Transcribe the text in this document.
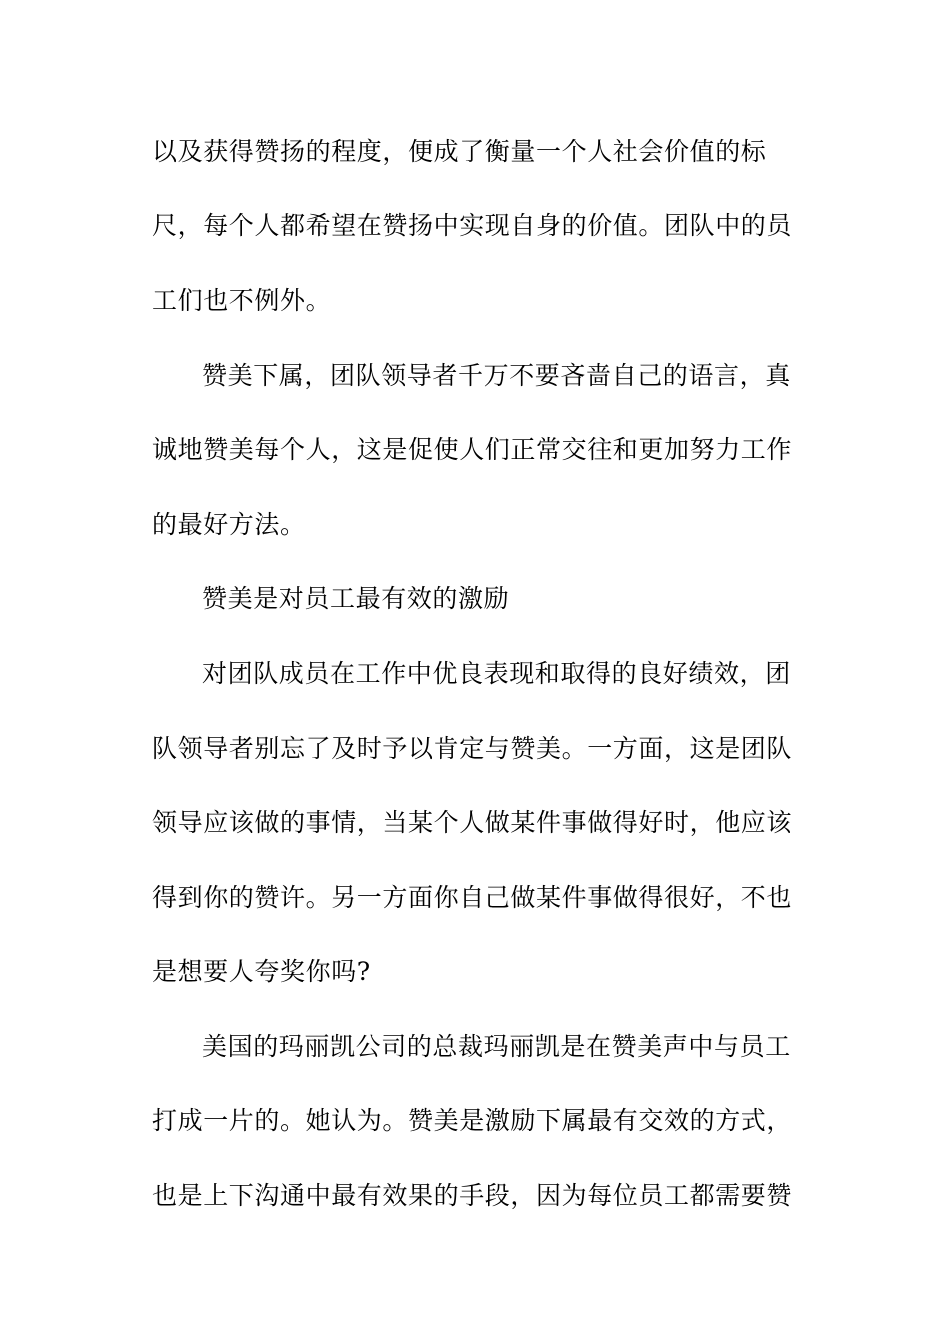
以及获得赞扬的程度，便成了衡量一个人社会价值的标
尺，每个人都希望在赞扬中实现自身的价值。团队中的员
工们也不例外。
赞美下属，团队领导者千万不要吝啬自己的语言，真
诚地赞美每个人，这是促使人们正常交往和更加努力工作
的最好方法。
赞美是对员工最有效的激励
对团队成员在工作中优良表现和取得的良好绩效，团
队领导者别忘了及时予以肯定与赞美。一方面，这是团队
领导应该做的事情，当某个人做某件事做得好时，他应该
得到你的赞许。另一方面你自己做某件事做得很好，不也
是想要人夸奖你吗?
美国的玛丽凯公司的总裁玛丽凯是在赞美声中与员工
打成一片的。她认为。赞美是激励下属最有交效的方式，
也是上下沟通中最有效果的手段，因为每位员工都需要赞
